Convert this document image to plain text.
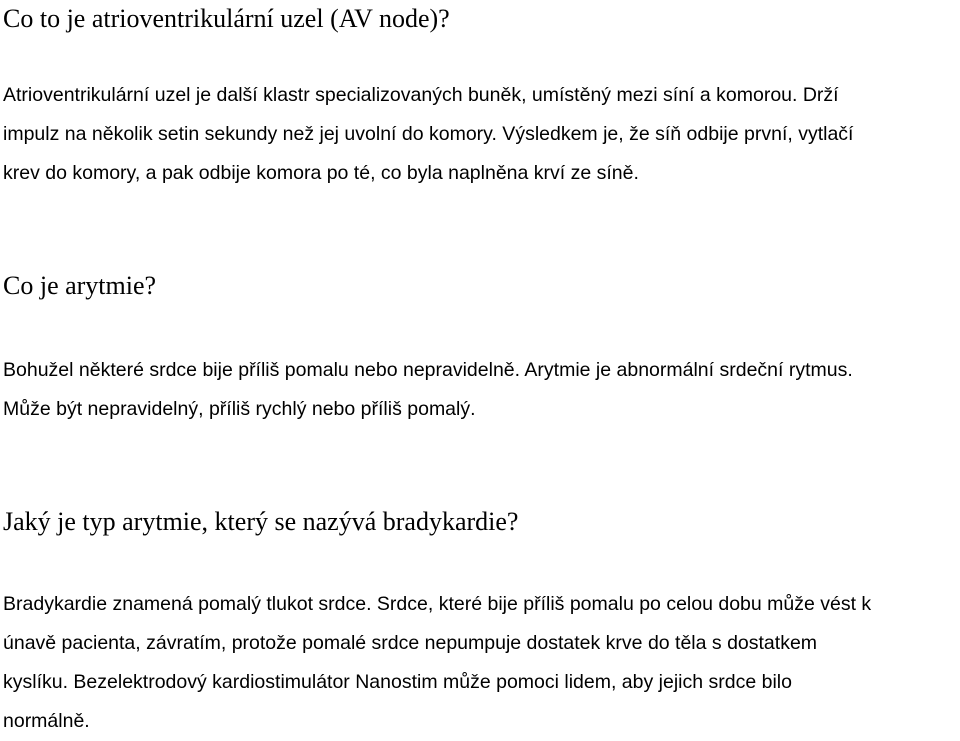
Co to je atrioventrikulární uzel (AV node)?
Atrioventrikulární uzel je další klastr specializovaných buněk, umístěný mezi síní a komorou. Drží
impulz na několik setin sekundy než jej uvolní do komory. Výsledkem je, že síň odbije první, vytlačí
krev do komory, a pak odbije komora po té, co byla naplněna krví ze síně.
Co je arytmie?
Bohužel některé srdce bije příliš pomalu nebo nepravidelně. Arytmie je abnormální srdeční rytmus.
Může být nepravidelný, příliš rychlý nebo příliš pomalý.
Jaký je typ arytmie, který se nazývá bradykardie?
Bradykardie znamená pomalý tlukot srdce. Srdce, které bije příliš pomalu po celou dobu může vést k
únavě pacienta, závratím, protože pomalé srdce nepumpuje dostatek krve do těla s dostatkem
kyslíku. Bezelektrodový kardiostimulátor Nanostim může pomoci lidem, aby jejich srdce bilo
normálně.
